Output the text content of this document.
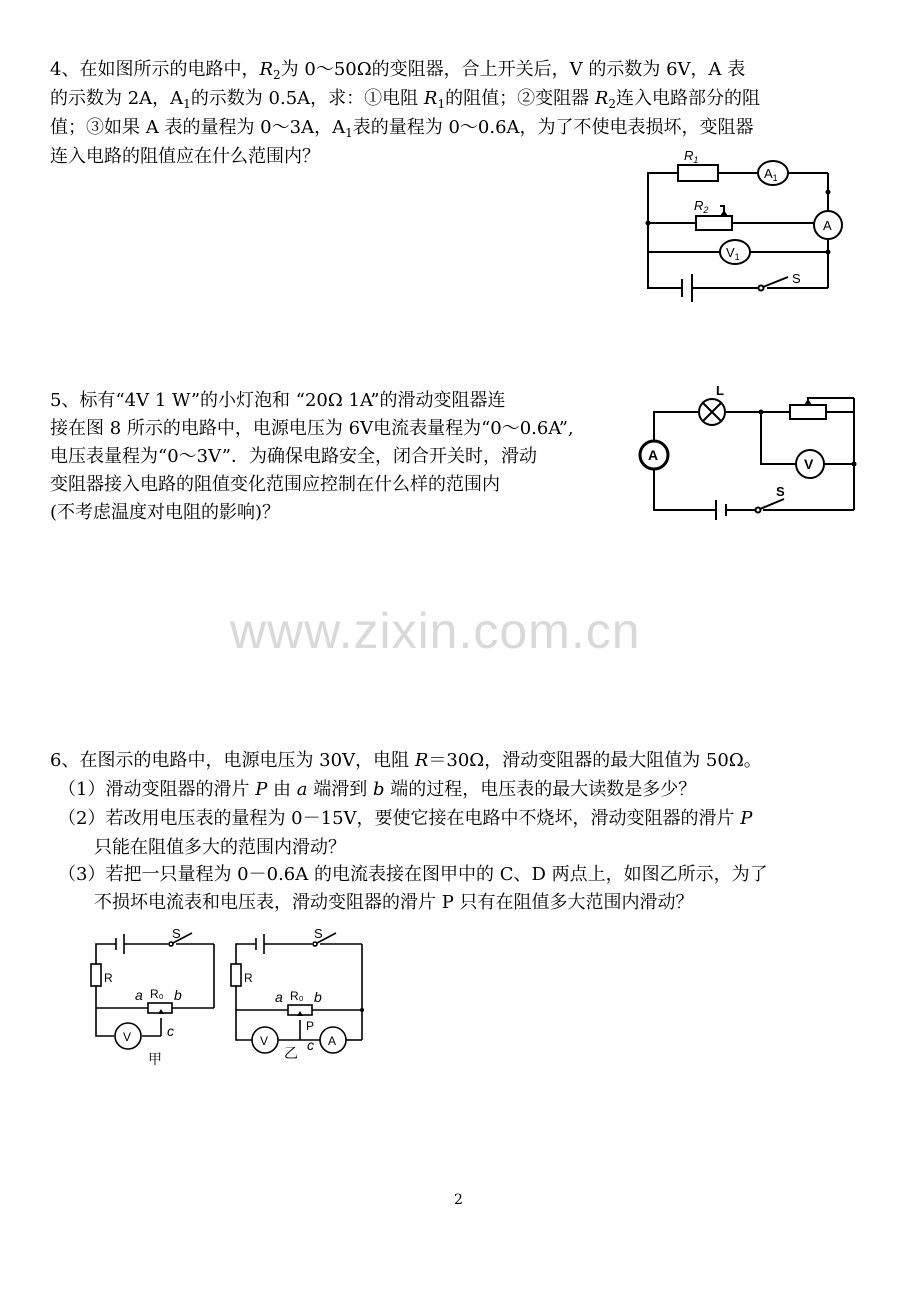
4、在如图所示的电路中，$R_2$为 0～50Ω的变阻器，合上开关后，V 的示数为 6V，A 表
的示数为 2A，$A_1$的示数为 0.5A，求：①电阻 $R_1$的阻值；②变阻器 $R_2$连入电路部分的阻
值；③如果 A 表的量程为 0～3A，$A_1$表的量程为 0～0.6A，为了不使电表损坏，变阻器
连入电路的阻值应在什么范围内？	$R_1$
$A_1$
$R_2$
A
$V_1$
S
5、标有“4V 1 W”的小灯泡和 “20Ω 1A”的滑动变阻器连
接在图 8 所示的电路中，电源电压为 6V电流表量程为“0～0.6A”,
电压表量程为“0～3V”．为确保电路安全，闭合开关时，滑动
变阻器接入电路的阻值变化范围应控制在什么样的范围内
(不考虑温度对电阻的影响)？
L
A
V
S
www.zixin.com.cn
6、在图示的电路中，电源电压为 30V，电阻 R＝30Ω，滑动变阻器的最大阻值为 50Ω。
（1）滑动变阻器的滑片 P 由 a 端滑到 b 端的过程，电压表的最大读数是多少？
（2）若改用电压表的量程为 0－15V，要使它接在电路中不烧坏，滑动变阻器的滑片 P
只能在阻值多大的范围内滑动？
（3）若把一只量程为 0－0.6A 的电流表接在图甲中的 C、D 两点上，如图乙所示，为了
不损坏电流表和电压表，滑动变阻器的滑片 P 只有在阻值多大范围内滑动？
S
R
a R₀ b
V	c
甲
S
R
a R₀ b
P
V	c A
乙
2
